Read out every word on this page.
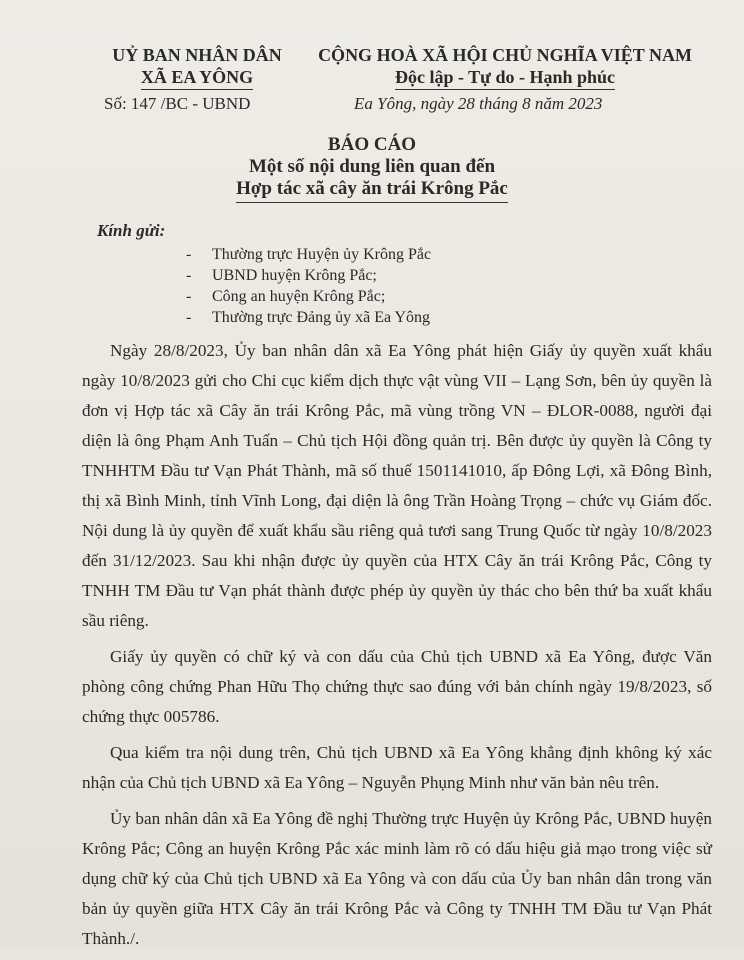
UỶ BAN NHÂN DÂN
XÃ EA YÔNG
CỘNG HOÀ XÃ HỘI CHỦ NGHĨA VIỆT NAM
Độc lập - Tự do - Hạnh phúc
Số: 147 /BC - UBND	Ea Yông, ngày 28 tháng 8 năm 2023
BÁO CÁO
Một số nội dung liên quan đến
Hợp tác xã cây ăn trái Krông Pắc
Kính gửi:
-	Thường trực Huyện ủy Krông Pắc
-	UBND huyện Krông Pắc;
-	Công an huyện Krông Pắc;
-	Thường trực Đảng ủy xã Ea Yông

Ngày 28/8/2023, Ủy ban nhân dân xã Ea Yông phát hiện Giấy ủy quyền xuất khẩu ngày 10/8/2023 gửi cho Chi cục kiểm dịch thực vật vùng VII – Lạng Sơn, bên ủy quyền là đơn vị Hợp tác xã Cây ăn trái Krông Pắc, mã vùng trồng VN – ĐLOR-0088, người đại diện là ông Phạm Anh Tuấn – Chủ tịch Hội đồng quản trị. Bên được ủy quyền là Công ty TNHHTM Đầu tư Vạn Phát Thành, mã số thuế 1501141010, ấp Đông Lợi, xã Đông Bình, thị xã Bình Minh, tỉnh Vĩnh Long, đại diện là ông Trần Hoàng Trọng – chức vụ Giám đốc. Nội dung là ủy quyền để xuất khẩu sầu riêng quả tươi sang Trung Quốc từ ngày 10/8/2023 đến 31/12/2023. Sau khi nhận được ủy quyền của HTX Cây ăn trái Krông Pắc, Công ty TNHH TM Đầu tư Vạn phát thành được phép ủy quyền ủy thác cho bên thứ ba xuất khẩu sầu riêng.

Giấy ủy quyền có chữ ký và con dấu của Chủ tịch UBND xã Ea Yông, được Văn phòng công chứng Phan Hữu Thọ chứng thực sao đúng với bản chính ngày 19/8/2023, số chứng thực 005786.

Qua kiểm tra nội dung trên, Chủ tịch UBND xã Ea Yông khẳng định không ký xác nhận của Chủ tịch UBND xã Ea Yông – Nguyễn Phụng Minh như văn bản nêu trên.

Ủy ban nhân dân xã Ea Yông đề nghị Thường trực Huyện ủy Krông Pắc, UBND huyện Krông Pắc; Công an huyện Krông Pắc xác minh làm rõ có dấu hiệu giả mạo trong việc sử dụng chữ ký của Chủ tịch UBND xã Ea Yông và con dấu của Ủy ban nhân dân trong văn bản ủy quyền giữa HTX Cây ăn trái Krông Pắc và Công ty TNHH TM Đầu tư Vạn Phát Thành./.
